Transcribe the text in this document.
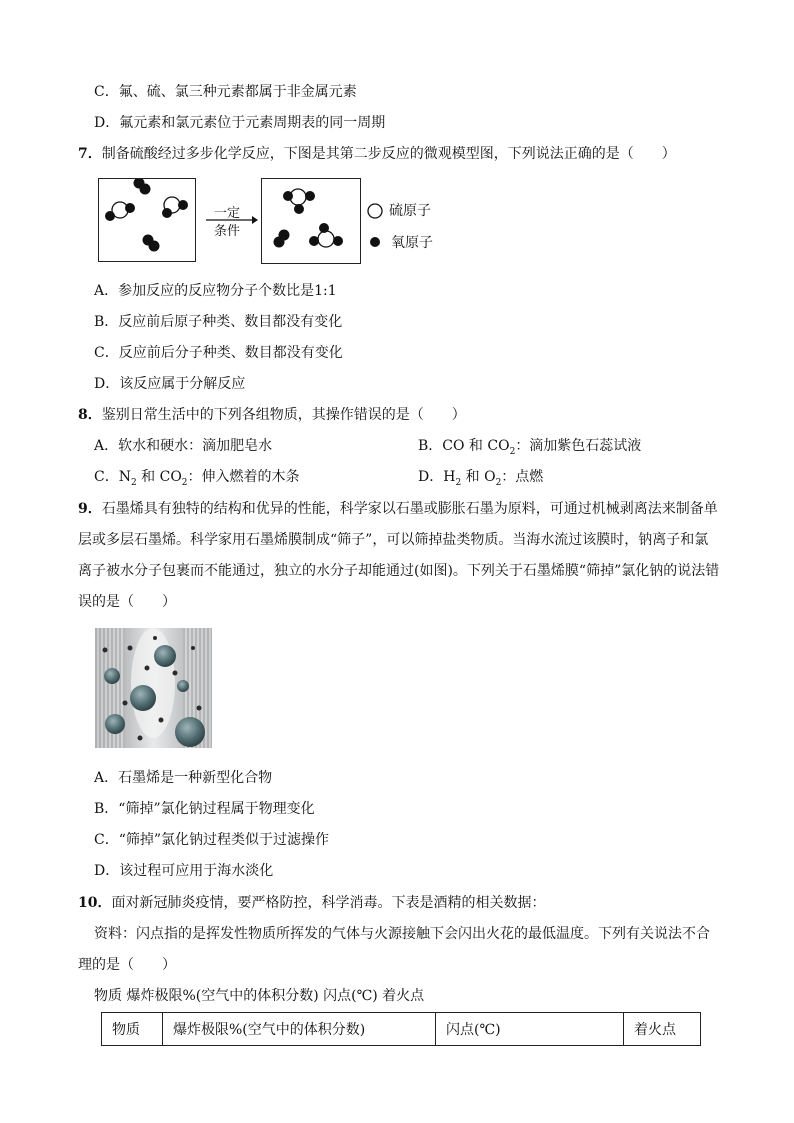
C．氟、硫、氯三种元素都属于非金属元素
D．氟元素和氯元素位于元素周期表的同一周期
7．制备硫酸经过多步化学反应，下图是其第二步反应的微观模型图，下列说法正确的是（　　）
一定
条件
硫原子
氧原子
A．参加反应的反应物分子个数比是1:1
B．反应前后原子种类、数目都没有变化
C．反应前后分子种类、数目都没有变化
D．该反应属于分解反应
8．鉴别日常生活中的下列各组物质，其操作错误的是（　　）
A．软水和硬水：滴加肥皂水	B．CO 和 $CO_2$：滴加紫色石蕊试液
C．$N_2$ 和 $CO_2$：伸入燃着的木条	D．$H_2$ 和 $O_2$：点燃
9．石墨烯具有独特的结构和优异的性能，科学家以石墨或膨胀石墨为原料，可通过机械剥离法来制备单
层或多层石墨烯。科学家用石墨烯膜制成“筛子”，可以筛掉盐类物质。当海水流过该膜时，钠离子和氯
离子被水分子包裹而不能通过，独立的水分子却能通过(如图)。下列关于石墨烯膜“筛掉”氯化钠的说法错
误的是（　　）
A．石墨烯是一种新型化合物
B．“筛掉”氯化钠过程属于物理变化
C．“筛掉”氯化钠过程类似于过滤操作
D．该过程可应用于海水淡化
10．面对新冠肺炎疫情，要严格防控，科学消毒。下表是酒精的相关数据：
资料：闪点指的是挥发性物质所挥发的气体与火源接触下会闪出火花的最低温度。下列有关说法不合
理的是（　　）
物质 爆炸极限%(空气中的体积分数) 闪点(℃) 着火点
物质	爆炸极限%(空气中的体积分数)	闪点(℃)	着火点
